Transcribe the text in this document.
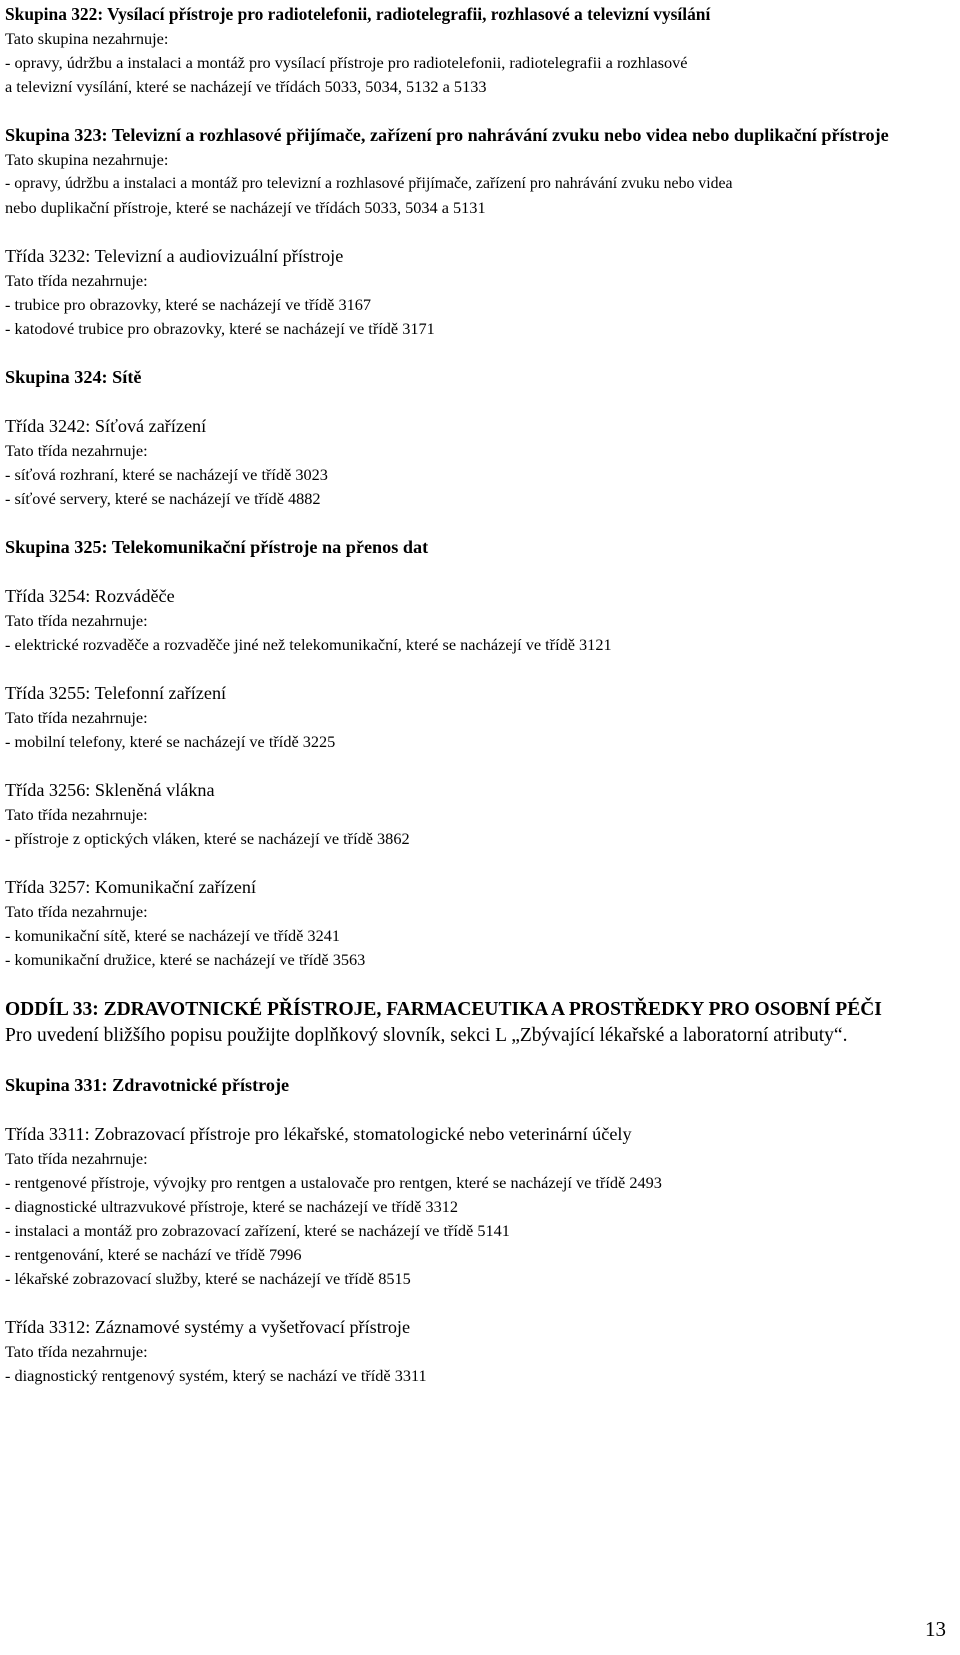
Skupina 322: Vysílací přístroje pro radiotelefonii, radiotelegrafii, rozhlasové a televizní vysílání
Tato skupina nezahrnuje:
- opravy, údržbu a instalaci a montáž pro vysílací přístroje pro radiotelefonii, radiotelegrafii a rozhlasové
a televizní vysílání, které se nacházejí ve třídách 5033, 5034, 5132 a 5133
Skupina 323: Televizní a rozhlasové přijímače, zařízení pro nahrávání zvuku nebo videa nebo duplikační přístroje
Tato skupina nezahrnuje:
- opravy, údržbu a instalaci a montáž pro televizní a rozhlasové přijímače, zařízení pro nahrávání zvuku nebo videa
nebo duplikační přístroje, které se nacházejí ve třídách 5033, 5034 a 5131
Třída 3232: Televizní a audiovizuální přístroje
Tato třída nezahrnuje:
- trubice pro obrazovky, které se nacházejí ve třídě 3167
- katodové trubice pro obrazovky, které se nacházejí ve třídě 3171
Skupina 324: Sítě
Třída 3242: Síťová zařízení
Tato třída nezahrnuje:
- síťová rozhraní, které se nacházejí ve třídě 3023
- síťové servery, které se nacházejí ve třídě 4882
Skupina 325: Telekomunikační přístroje na přenos dat
Třída 3254: Rozváděče
Tato třída nezahrnuje:
- elektrické rozvaděče a rozvaděče jiné než telekomunikační, které se nacházejí ve třídě 3121
Třída 3255: Telefonní zařízení
Tato třída nezahrnuje:
- mobilní telefony, které se nacházejí ve třídě 3225
Třída 3256: Skleněná vlákna
Tato třída nezahrnuje:
- přístroje z optických vláken, které se nacházejí ve třídě 3862
Třída 3257: Komunikační zařízení
Tato třída nezahrnuje:
- komunikační sítě, které se nacházejí ve třídě 3241
- komunikační družice, které se nacházejí ve třídě 3563
ODDÍL 33: ZDRAVOTNICKÉ PŘÍSTROJE, FARMACEUTIKA A PROSTŘEDKY PRO OSOBNÍ PÉČI
Pro uvedení bližšího popisu použijte doplňkový slovník, sekci L „Zbývající lékařské a laboratorní atributy“.
Skupina 331: Zdravotnické přístroje
Třída 3311: Zobrazovací přístroje pro lékařské, stomatologické nebo veterinární účely
Tato třída nezahrnuje:
- rentgenové přístroje, vývojky pro rentgen a ustalovače pro rentgen, které se nacházejí ve třídě 2493
- diagnostické ultrazvukové přístroje, které se nacházejí ve třídě 3312
- instalaci a montáž pro zobrazovací zařízení, které se nacházejí ve třídě 5141
- rentgenování, které se nachází ve třídě 7996
- lékařské zobrazovací služby, které se nacházejí ve třídě 8515
Třída 3312: Záznamové systémy a vyšetřovací přístroje
Tato třída nezahrnuje:
- diagnostický rentgenový systém, který se nachází ve třídě 3311
13
